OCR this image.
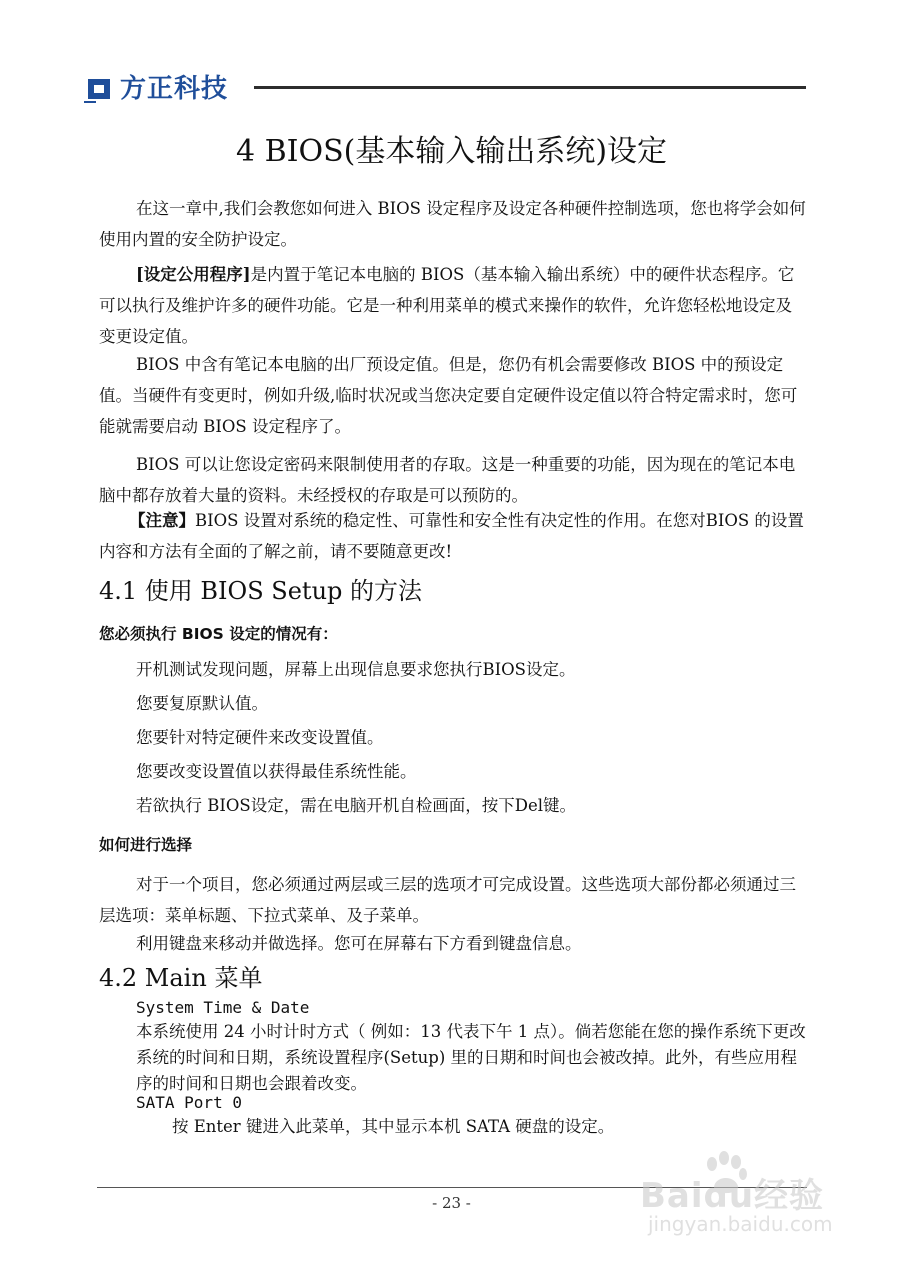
方正科技
4 BIOS(基本输入输出系统)设定
在这一章中,我们会教您如何进入 BIOS 设定程序及设定各种硬件控制选项，您也将学会如何使用内置的安全防护设定。
[设定公用程序]是内置于笔记本电脑的 BIOS（基本输入输出系统）中的硬件状态程序。它可以执行及维护许多的硬件功能。它是一种利用菜单的模式来操作的软件，允许您轻松地设定及变更设定值。
BIOS 中含有笔记本电脑的出厂预设定值。但是，您仍有机会需要修改 BIOS 中的预设定值。当硬件有变更时，例如升级,临时状况或当您决定要自定硬件设定值以符合特定需求时，您可能就需要启动 BIOS 设定程序了。
BIOS 可以让您设定密码来限制使用者的存取。这是一种重要的功能，因为现在的笔记本电脑中都存放着大量的资料。未经授权的存取是可以预防的。
【注意】BIOS 设置对系统的稳定性、可靠性和安全性有决定性的作用。在您对BIOS 的设置内容和方法有全面的了解之前，请不要随意更改!
4.1 使用 BIOS Setup 的方法
您必须执行 BIOS 设定的情况有：
开机测试发现问题，屏幕上出现信息要求您执行BIOS设定。
您要复原默认值。
您要针对特定硬件来改变设置值。
您要改变设置值以获得最佳系统性能。
若欲执行 BIOS设定，需在电脑开机自检画面，按下Del键。
如何进行选择
对于一个项目，您必须通过两层或三层的选项才可完成设置。这些选项大部份都必须通过三层选项：菜单标题、下拉式菜单、及子菜单。
利用键盘来移动并做选择。您可在屏幕右下方看到键盘信息。
4.2 Main 菜单
System Time & Date
本系统使用 24 小时计时方式（ 例如：13 代表下午 1 点）。倘若您能在您的操作系统下更改系统的时间和日期，系统设置程序(Setup) 里的日期和时间也会被改掉。此外，有些应用程序的时间和日期也会跟着改变。
SATA Port 0
按 Enter 键进入此菜单，其中显示本机 SATA 硬盘的设定。
- 23 -	Baidu经验
jingyan.baidu.com
